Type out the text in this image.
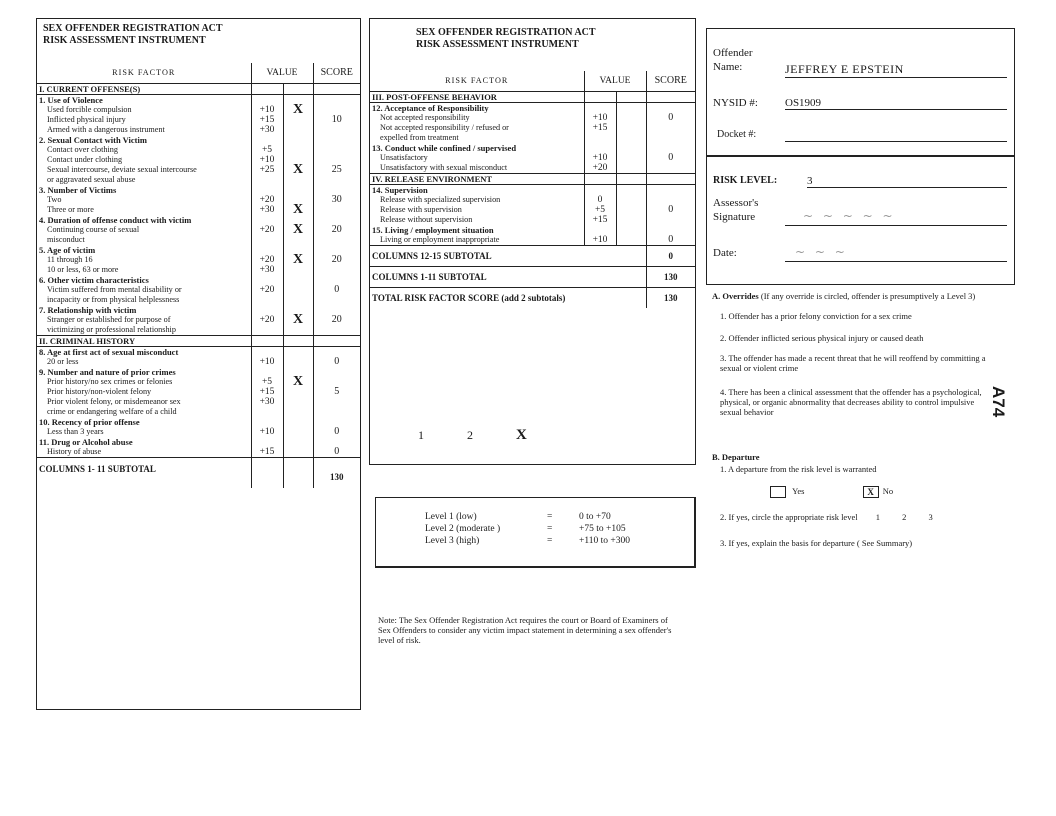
SEX OFFENDER REGISTRATION ACT
RISK ASSESSMENT INSTRUMENT
RISK FACTOR	VALUE		SCORE
I. CURRENT OFFENSE(S)			
1. Use of Violence			
Used forcible compulsion	+10	X	
Inflicted physical injury	+15		10
Armed with a dangerous instrument	+30		
2. Sexual Contact with Victim			
Contact over clothing	+5		
Contact under clothing	+10		
Sexual intercourse, deviate sexual intercourse	+25	X	25
or aggravated sexual abuse			
3. Number of Victims			
Two	+20		30
Three or more	+30	X	
4. Duration of offense conduct with victim			
Continuing course of sexual	+20	X	20
misconduct			
5. Age of victim			
11 through 16	+20	X	20
10 or less, 63 or more	+30		
6. Other victim characteristics			
Victim suffered from mental disability or	+20		0
incapacity or from physical helplessness			
7. Relationship with victim			
Stranger or established for purpose of	+20	X	20
victimizing or professional relationship			
II. CRIMINAL HISTORY			
8. Age at first act of sexual misconduct			
20 or less	+10		0
9. Number and nature of prior crimes			
Prior history/no sex crimes or felonies	+5	X	
Prior history/non-violent felony	+15		5
Prior violent felony, or misdemeanor sex	+30		
crime or endangering welfare of a child			
10. Recency of prior offense			
Less than 3 years	+10		0
11. Drug or Alcohol abuse			
History of abuse	+15		0
COLUMNS 1- 11 SUBTOTAL			130
SEX OFFENDER REGISTRATION ACT
RISK ASSESSMENT INSTRUMENT
RISK FACTOR	VALUE		SCORE
III. POST-OFFENSE BEHAVIOR			
12. Acceptance of Responsibility			
Not accepted responsibility	+10		0
Not accepted responsibility / refused or	+15		
expelled from treatment			
13. Conduct while confined / supervised			
Unsatisfactory	+10		0
Unsatisfactory with sexual misconduct	+20		
IV. RELEASE ENVIRONMENT			
14. Supervision			
Release with specialized supervision	0		
Release with supervision	+5		0
Release without supervision	+15		
15. Living / employment situation			
Living or employment inappropriate	+10		0
COLUMNS 12-15 SUBTOTAL			0
COLUMNS 1-11 SUBTOTAL			130
TOTAL RISK FACTOR SCORE (add 2 subtotals)			130
1	2	X
Level 1 (low)	=	0 to +70
Level 2 (moderate )	=	+75 to +105
Level 3 (high)	=	+110 to +300
Note: The Sex Offender Registration Act requires the court or Board of Examiners of Sex Offenders to consider any victim impact statement in determining a sex offender's level of risk.
Offender
Name:	JEFFREY E EPSTEIN
NYSID #: OS1909
Docket #:
RISK LEVEL:	3
Assessor's
Signature	~ ~ ~ ~ ~
Date:	~ ~ ~
A. Overrides (If any override is circled, offender is presumptively a Level 3)
1. Offender has a prior felony conviction for a sex crime
2. Offender inflicted serious physical injury or caused death
3. The offender has made a recent threat that he will reoffend by committing a sexual or violent crime
4. There has been a clinical assessment that the offender has a psychological, physical, or organic abnormality that decreases ability to control impulsive sexual behavior
B. Departure
1. A departure from the risk level is warranted
Yes	X No
2. If yes, circle the appropriate risk level 1	2	3
3. If yes, explain the basis for departure ( See Summary)
A74
